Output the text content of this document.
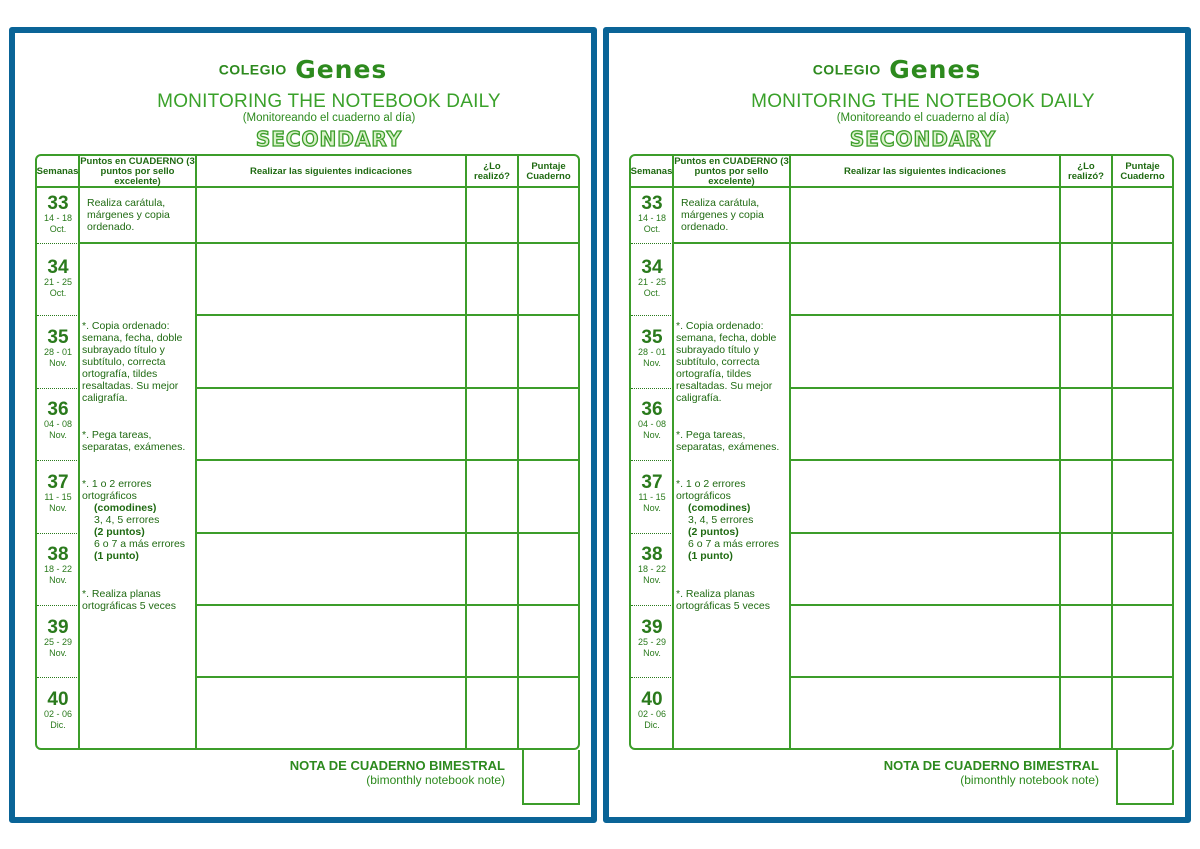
COLEGIO Genes
MONITORING THE NOTEBOOK DAILY
(Monitoreando el cuaderno al día)
SECONDARY
Semanas
Puntos en CUADERNO (3 puntos por sello excelente)
Realizar las siguientes indicaciones	¿Lo realizó?
Puntaje Cuaderno
33
14 - 18
Oct.
34
21 - 25
Oct.
35
28 - 01
Nov.
36
04 - 08
Nov.
37
11 - 15
Nov.
38
18 - 22
Nov.
39
25 - 29
Nov.
40
02 - 06
Dic.
Realiza carátula, márgenes y copia ordenado.
*. Copia ordenado: semana, fecha, doble subrayado título y subtítulo, correcta ortografía, tildes resaltadas. Su mejor caligrafía.
*. Pega tareas, separatas, exámenes.
*. 1 o 2 errores ortográficos
(comodines)
3, 4, 5 errores
(2 puntos)
6 o 7 a más errores
(1 punto)
*. Realiza planas ortográficas 5 veces
NOTA DE CUADERNO BIMESTRAL
(bimonthly notebook note)
COLEGIO Genes
MONITORING THE NOTEBOOK DAILY
(Monitoreando el cuaderno al día)
SECONDARY
Semanas
Puntos en CUADERNO (3 puntos por sello excelente)
Realizar las siguientes indicaciones	¿Lo realizó?
Puntaje Cuaderno
33
14 - 18
Oct.
34
21 - 25
Oct.
35
28 - 01
Nov.
36
04 - 08
Nov.
37
11 - 15
Nov.
38
18 - 22
Nov.
39
25 - 29
Nov.
40
02 - 06
Dic.
Realiza carátula, márgenes y copia ordenado.
*. Copia ordenado: semana, fecha, doble subrayado título y subtítulo, correcta ortografía, tildes resaltadas. Su mejor caligrafía.
*. Pega tareas, separatas, exámenes.
*. 1 o 2 errores ortográficos
(comodines)
3, 4, 5 errores
(2 puntos)
6 o 7 a más errores
(1 punto)
*. Realiza planas ortográficas 5 veces
NOTA DE CUADERNO BIMESTRAL
(bimonthly notebook note)
